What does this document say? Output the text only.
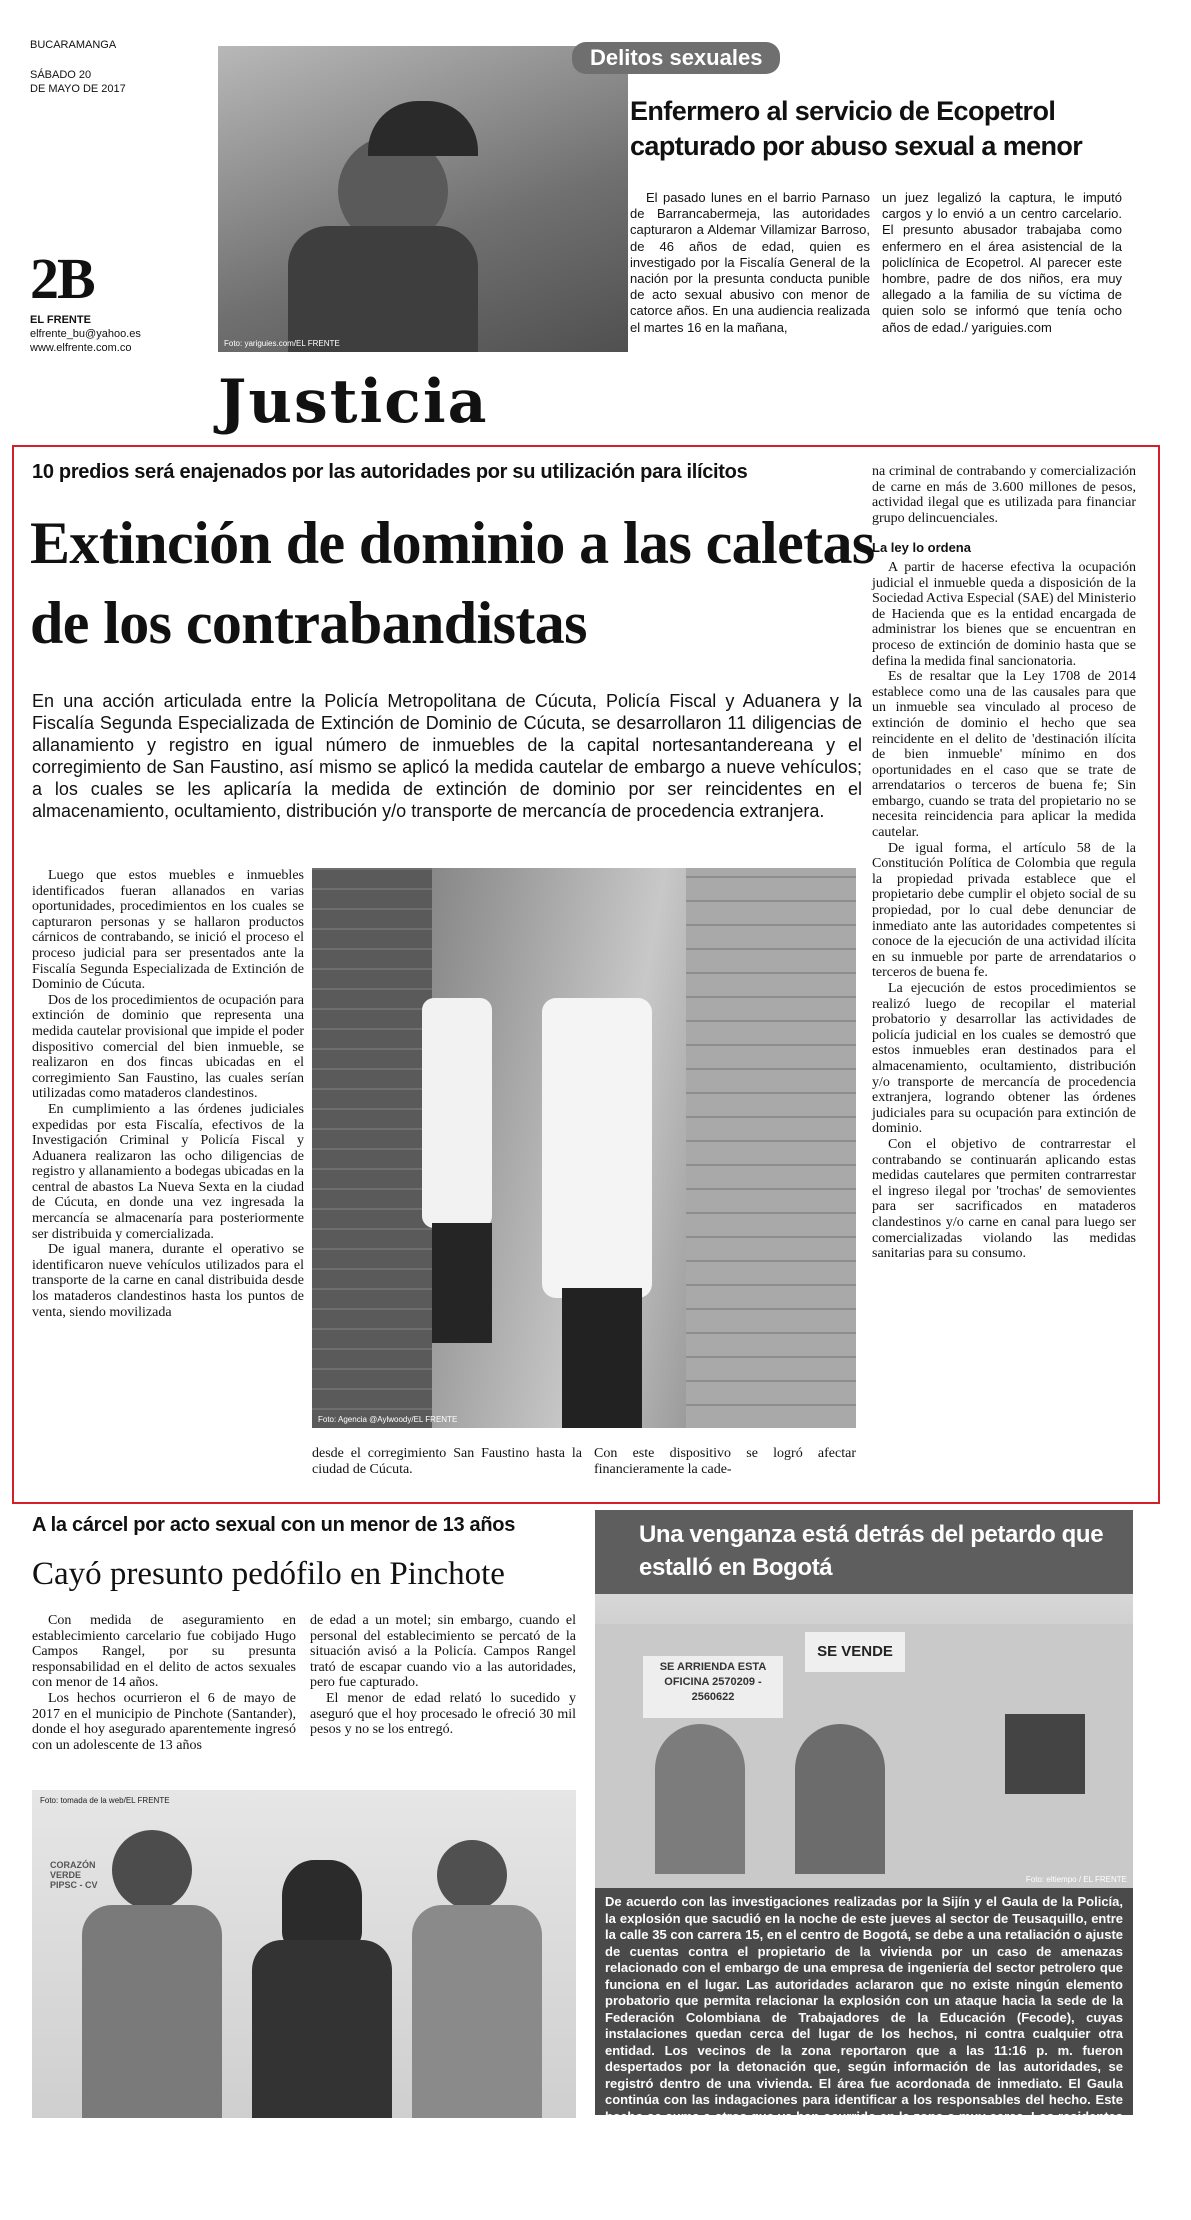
BUCARAMANGA
SÁBADO 20
DE MAYO DE 2017
2B
EL FRENTE
elfrente_bu@yahoo.es
www.elfrente.com.co	Foto: yariguies.com/EL FRENTE
Delitos sexuales
Enfermero al servicio de Ecopetrol capturado por abuso sexual a menor
El pasado lunes en el barrio Parnaso de Barrancabermeja, las autoridades capturaron a Aldemar Villamizar Barroso, de 46 años de edad, quien es investigado por la Fiscalía General de la nación por la presunta conducta punible de acto sexual abusivo con menor de catorce años. En una audiencia realizada el martes 16 en la mañana,
un juez legalizó la captura, le imputó cargos y lo envió a un centro carcelario. El presunto abusador trabajaba como enfermero en el área asistencial de la policlínica de Ecopetrol. Al parecer este hombre, padre de dos niños, era muy allegado a la familia de su víctima de quien solo se informó que tenía ocho años de edad./ yariguies.com
Justicia
10 predios será enajenados por las autoridades por su utilización para ilícitos
Extinción de dominio a las caletas de los contrabandistas
En una acción articulada entre la Policía Metropolitana de Cúcuta, Policía Fiscal y Aduanera y la Fiscalía Segunda Especializada de Extinción de Dominio de Cúcuta, se desarrollaron 11 diligencias de allanamiento y registro en igual número de inmuebles de la capital nortesantandereana y el corregimiento de San Faustino, así mismo se aplicó la medida cautelar de embargo a nueve vehículos; a los cuales se les aplicaría la medida de extinción de dominio por ser reincidentes en el almacenamiento, ocultamiento, distribución y/o transporte de mercancía de procedencia extranjera.

Luego que estos muebles e inmuebles identificados fueran allanados en varias oportunidades, procedimientos en los cuales se capturaron personas y se hallaron productos cárnicos de contrabando, se inició el proceso el proceso judicial para ser presentados ante la Fiscalía Segunda Especializada de Extinción de Dominio de Cúcuta.

Dos de los procedimientos de ocupación para extinción de dominio que representa una medida cautelar provisional que impide el poder dispositivo comercial del bien inmueble, se realizaron en dos fincas ubicadas en el corregimiento San Faustino, las cuales serían utilizadas como mataderos clandestinos.

En cumplimiento a las órdenes judiciales expedidas por esta Fiscalía, efectivos de la Investigación Criminal y Policía Fiscal y Aduanera realizaron las ocho diligencias de registro y allanamiento a bodegas ubicadas en la central de abastos La Nueva Sexta en la ciudad de Cúcuta, en donde una vez ingresada la mercancía se almacenaría para posteriormente ser distribuida y comercializada.

De igual manera, durante el operativo se identificaron nueve vehículos utilizados para el transporte de la carne en canal distribuida desde los mataderos clandestinos hasta los puntos de venta, siendo movilizada

Foto: Agencia @Aylwoody/EL FRENTE
desde el corregimiento San Faustino hasta la ciudad de Cúcuta.
Con este dispositivo se logró afectar financieramente la cade-

na criminal de contrabando y comercialización de carne en más de 3.600 millones de pesos, actividad ilegal que es utilizada para financiar grupo delincuenciales.

La ley lo ordena

A partir de hacerse efectiva la ocupación judicial el inmueble queda a disposición de la Sociedad Activa Especial (SAE) del Ministerio de Hacienda que es la entidad encargada de administrar los bienes que se encuentran en proceso de extinción de dominio hasta que se defina la medida final sancionatoria.

Es de resaltar que la Ley 1708 de 2014 establece como una de las causales para que un inmueble sea vinculado al proceso de extinción de dominio el hecho que sea reincidente en el delito de 'destinación ilícita de bien inmueble' mínimo en dos oportunidades en el caso que se trate de arrendatarios o terceros de buena fe; Sin embargo, cuando se trata del propietario no se necesita reincidencia para aplicar la medida cautelar.

De igual forma, el artículo 58 de la Constitución Política de Colombia que regula la propiedad privada establece que el propietario debe cumplir el objeto social de su propiedad, por lo cual debe denunciar de inmediato ante las autoridades competentes si conoce de la ejecución de una actividad ilícita en su inmueble por parte de arrendatarios o terceros de buena fe.

La ejecución de estos procedimientos se realizó luego de recopilar el material probatorio y desarrollar las actividades de policía judicial en los cuales se demostró que estos inmuebles eran destinados para el almacenamiento, ocultamiento, distribución y/o transporte de mercancía de procedencia extranjera, logrando obtener las órdenes judiciales para su ocupación para extinción de dominio.

Con el objetivo de contrarrestar el contrabando se continuarán aplicando estas medidas cautelares que permiten contrarrestar el ingreso ilegal por 'trochas' de semovientes para ser sacrificados en mataderos clandestinos y/o carne en canal para luego ser comercializadas violando las medidas sanitarias para su consumo.

A la cárcel por acto sexual con un menor de 13 años
Cayó presunto pedófilo en Pinchote

Con medida de aseguramiento en establecimiento carcelario fue cobijado Hugo Campos Rangel, por su presunta responsabilidad en el delito de actos sexuales con menor de 14 años.

Los hechos ocurrieron el 6 de mayo de 2017 en el municipio de Pinchote (Santander), donde el hoy asegurado aparentemente ingresó con un adolescente de 13 años

de edad a un motel; sin embargo, cuando el personal del establecimiento se percató de la situación avisó a la Policía. Campos Rangel trató de escapar cuando vio a las autoridades, pero fue capturado.

El menor de edad relató lo sucedido y aseguró que el hoy procesado le ofreció 30 mil pesos y no se los entregó.

Foto: tomada de la web/EL FRENTE
CORAZÓN VERDE PIPSC - CV
Una venganza está detrás del petardo que estalló en Bogotá
SE ARRIENDA ESTA OFICINA 2570209 - 2560622
SE VENDE
Foto: eltiempo / EL FRENTE
De acuerdo con las investigaciones realizadas por la Sijín y el Gaula de la Policía, la explosión que sacudió en la noche de este jueves al sector de Teusaquillo, entre la calle 35 con carrera 15, en el centro de Bogotá, se debe a una retaliación o ajuste de cuentas contra el propietario de la vivienda por un caso de amenazas relacionado con el embargo de una empresa de ingeniería del sector petrolero que funciona en el lugar. Las autoridades aclararon que no existe ningún elemento probatorio que permita relacionar la explosión con un ataque hacia la sede de la Federación Colombiana de Trabajadores de la Educación (Fecode), cuyas instalaciones quedan cerca del lugar de los hechos, ni contra cualquier otra entidad. Los vecinos de la zona reportaron que a las 11:16 p. m. fueron despertados por la detonación que, según información de las autoridades, se registró dentro de una vivienda. El área fue acordonada de inmediato. El Gaula continúa con las indagaciones para identificar a los responsables del hecho. Este hecho se suma a otros que ya han ocurrido en la zona o muy cerca. Los residentes piden a las autoridades celeridad en las investigaciones.
